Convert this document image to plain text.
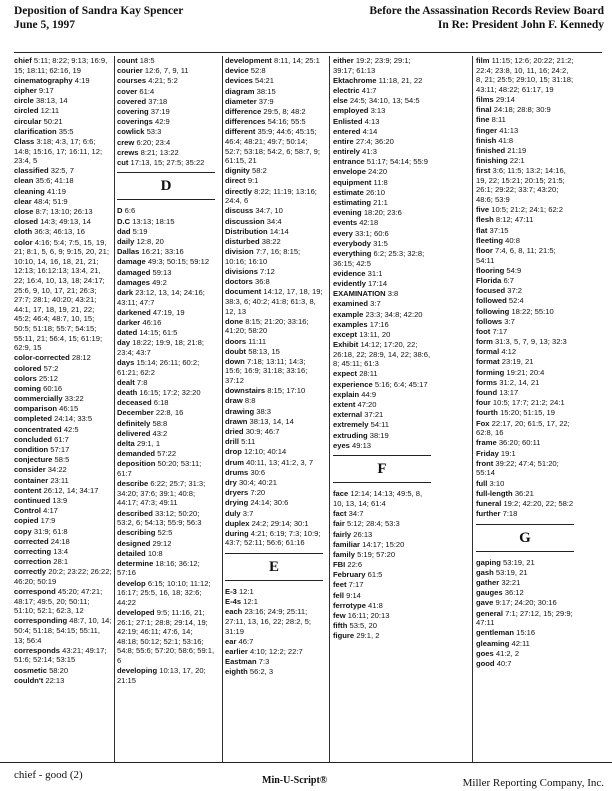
Deposition of Sandra Kay Spencer
June 5, 1997
Before the Assassination Records Review Board
In Re: President John F. Kennedy
chief 5:11; 8:22; 9:13; 16:9, 15; 18:11; 62:16, 19
cinematography 4:19
cipher 9:17
circle 38:13, 14
circled 12:11
circular 50:21
clarification 35:5
Class 3:18; 4:3, 17; 6:6; 14:8; 15:16, 17; 16:11, 12; 23:4, 5
classified 32:5, 7
clean 35:6; 41:18
cleaning 41:19
clear 48:4; 51:9
close 8:7; 13:10; 26:13
closed 14:3; 49:13, 14
cloth 36:3; 46:13, 16
color 4:16; 5:4; 7:5, 15, 19, 21; 8:1, 5, 6, 9; 9:15, 20, 21; 10:10, 14, 16, 18, 21, 21; 12:13; 16:12:13; 13:4, 21, 22; 16:4, 10, 13, 18; 24:17; 25:6, 9, 10, 17, 21; 26:3; 27:7; 28:1; 40:20; 43:21; 44:1, 17, 18, 19, 21, 22; 45:2; 46:4; 48:7, 10, 15; 50:5; 51:18; 55:7; 54:15; 55:11, 21; 56:4, 15; 61:19; 62:9, 15
color-corrected 28:12
colored 57:2
colors 25:12
coming 60:16
commercially 33:22
comparison 46:15
completed 24:14; 33:5
concentrated 42:5
concluded 61:7
condition 57:17
conjecture 58:5
consider 34:22
container 23:11
content 26:12, 14; 34:17
continued 13:9
Control 4:17
copied 17:9
copy 31:9; 61:8
corrected 24:18
correcting 13:4
correction 28:1
correctly 20:2; 23:22; 26:22; 46:20; 50:19
correspond 45:20; 47:21; 48:17; 49:5, 20; 50:11; 51:10; 52:1; 62:3, 12
corresponding 48:7, 10, 14; 50:4; 51:18; 54:15; 55:11, 13; 56:4
corresponds 43:21; 49:17; 51:6; 52:14; 53:15
cosmetic 58:20
couldn't 22:13
count 18:5
courier 12:6, 7, 9, 11
courses 4:21; 5:2
cover 61:4
covered 37:18
covering 37:19
coverings 42:9
cowlick 53:3
crew 6:20; 23:4
crews 8:21; 13:22
cut 17:13, 15; 27:5; 35:22
D
D 6:6
D.C 13:13; 18:15
dad 5:19
daily 12:8, 20
Dallas 16:21; 33:16
damage 49:3; 50:15; 59:12
damaged 59:13
damages 49:2
dark 23:12, 13, 14; 24:16; 43:11; 47:7
darkened 47:19, 19
darker 46:16
dated 14:15; 61:5
day 18:22; 19:9, 18; 21:8; 23:4; 43:7
days 15:14; 26:11; 60:2; 61:21; 62:2
dealt 7:8
death 16:15; 17:2; 32:20
deceased 6:18
December 22:8, 16
definitely 58:8
delivered 43:2
delta 29:1, 1
demanded 57:22
deposition 50:20; 53:11; 61:7
describe 6:22; 25:7; 31:3; 34:20; 37:6; 39:1; 40:8; 44:17; 47:3; 49:11
described 33:12; 50:20; 53:2, 6; 54:13; 55:9; 56:3
describing 52:5
designed 29:12
detailed 10:8
determine 18:16; 36:12; 57:16
develop 6:15; 10:10; 11:12; 16:17; 25:5, 16, 18; 32:6; 44:22
developed 9:5; 11:16, 21; 26:1; 27:1; 28:8; 29:14, 19; 42:19; 46:11; 47:6, 14; 48:18; 50:12; 52:1; 53:16; 54:8; 55:6; 57:20; 58:6; 59:1, 6
developing 10:13, 17, 20; 21:15
development 8:11, 14; 25:1
device 52:8
devices 54:21
diagram 38:15
diameter 37:9
difference 29:5, 8; 48:2
differences 54:16; 55:5
different 35:9; 44:6; 45:15; 46:4; 48:21; 49:7; 50:14; 52:7; 53:18; 54:2, 6; 58:7, 9; 61:15, 21
dignity 58:2
direct 9:1
directly 8:22; 11:19; 13:16; 24:4, 6
discuss 34:7, 10
discussion 34:4
Distribution 14:14
disturbed 38:22
division 7:7, 16; 8:15; 10:16; 16:10
divisions 7:12
doctors 36:8
document 14:12, 17, 18, 19; 38:3, 6; 40:2; 41:8; 61:3, 8, 12, 13
done 8:15; 21:20; 33:16; 41:20; 58:20
doors 11:11
doubt 58:13, 15
down 7:18; 13:11; 14:3; 15:6; 16:9; 31:18; 33:16; 37:12
downstairs 8:15; 17:10
draw 8:8
drawing 38:3
drawn 38:13, 14, 14
dried 30:9; 46:7
drill 5:11
drop 12:10; 40:14
drum 40:11, 13; 41:2, 3, 7
drums 30:6
dry 30:4; 40:21
dryers 7:20
drying 24:14; 30:6
duly 3:7
duplex 24:2; 29:14; 30:1
during 4:21; 6:19; 7:3; 10:9; 43:7; 52:11; 56:6; 61:16
E
E-3 12:1
E-4s 12:1
each 23:16; 24:9; 25:11; 27:11, 13, 16, 22; 28:2, 5; 31:19
ear 46:7
earlier 4:10; 12:2; 22:7
Eastman 7:3
eighth 56:2, 3
either 19:2; 23:9; 29:1; 39:17; 61:13
Ektachrome 11:18, 21, 22
electric 41:7
else 24:5; 34:10, 13; 54:5
employed 3:13
Enlisted 4:13
entered 4:14
entire 27:4; 36:20
entirely 41:3
entrance 51:17; 54:14; 55:9
envelope 24:20
equipment 11:8
estimate 26:10
estimating 21:1
evening 18:20; 23:6
events 42:18
every 33:1; 60:6
everybody 31:5
everything 6:2; 25:3; 32:8; 36:15; 42:5
evidence 31:1
evidently 17:14
EXAMINATION 3:8
examined 3:7
example 23:3; 34:8; 42:20
examples 17:16
except 13:11, 20
Exhibit 14:12; 17:20, 22; 26:18, 22; 28:9, 14, 22; 38:6, 8; 45:11; 61:3
expect 28:11
experience 5:16; 6:4; 45:17
explain 44:9
extent 47:20
external 37:21
extremely 54:11
extruding 38:19
eyes 49:13
F
face 12:14; 14:13; 49:5, 8, 10, 13, 14; 61:4
fact 34:7
fair 5:12; 28:4; 53:3
fairly 26:13
familiar 14:17; 15:20
family 5:19; 57:20
FBI 22:6
February 61:5
feet 7:17
fell 9:14
ferrotype 41:8
few 16:11; 20:13
fifth 53:5, 20
figure 29:1, 2
film 11:15; 12:6; 20:22; 21:2; 22:4; 23:8, 10, 11, 16; 24:2, 8, 21; 25:5; 29:10, 15; 31:18; 43:11; 48:22; 61:17, 19
films 29:14
final 24:18; 28:8; 30:9
fine 8:11
finger 41:13
finish 41:8
finished 21:19
finishing 22:1
first 3:6; 11:5; 13:2; 14:16, 19, 22; 15:21; 20:15; 21:5; 26:1; 29:22; 33:7; 43:20; 48:6; 53:9
five 10:5; 21:2; 24:1; 62:2
flesh 8:12; 47:11
flat 37:15
fleeting 40:8
floor 7:4, 6, 8, 11; 21:5; 54:11
flooring 54:9
Florida 6:7
focused 37:2
followed 52:4
following 18:22; 55:10
follows 3:7
foot 7:17
form 31:3, 5, 7, 9, 13; 32:3
formal 4:12
format 23:19, 21
forming 19:21; 20:4
forms 31:2, 14, 21
found 13:17
four 10:5; 17:7; 21:2; 24:1
fourth 15:20; 51:15, 19
Fox 22:17, 20; 61:5, 17, 22; 62:8, 16
frame 36:20; 60:11
Friday 19:1
front 39:22; 47:4; 51:20; 55:14
full 3:10
full-length 36:21
funeral 19:2; 42:20, 22; 58:2
further 7:18
G
gaping 53:19, 21
gash 53:19, 21
gather 32:21
gauges 36:12
gave 9:17; 24:20; 30:16
general 7:1; 27:12, 15; 29:9; 47:11
gentleman 15:16
gleaming 42:11
goes 41:2, 2
good 40:7
chief - good (2)	Min-U-Script®	Miller Reporting Company, Inc.
